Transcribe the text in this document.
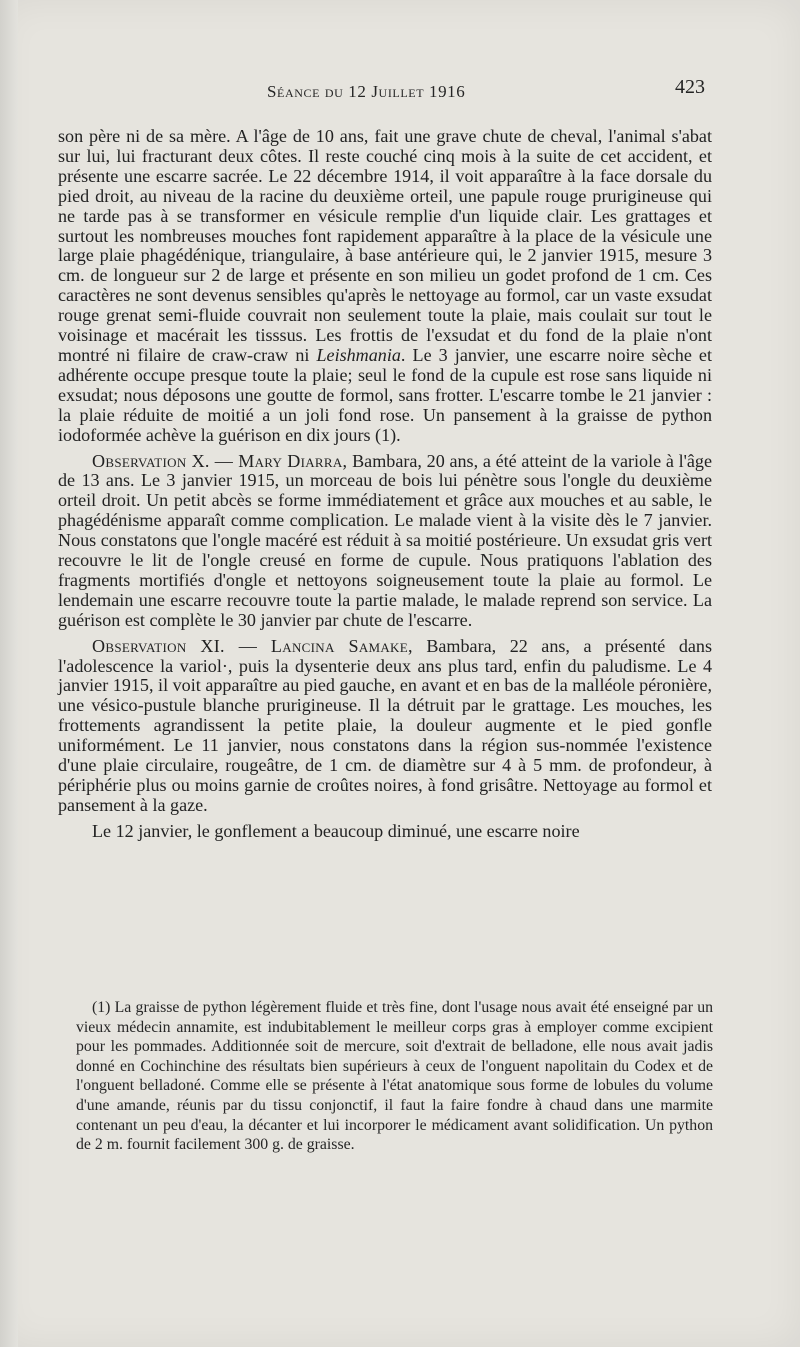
Séance du 12 Juillet 1916	423

son père ni de sa mère. A l'âge de 10 ans, fait une grave chute de cheval, l'animal s'abat sur lui, lui fracturant deux côtes. Il reste couché cinq mois à la suite de cet accident, et présente une escarre sacrée. Le 22 décembre 1914, il voit apparaître à la face dorsale du pied droit, au niveau de la racine du deuxième orteil, une papule rouge prurigineuse qui ne tarde pas à se transformer en vésicule remplie d'un liquide clair. Les grattages et surtout les nombreuses mouches font rapidement apparaître à la place de la vésicule une large plaie phagédénique, triangulaire, à base antérieure qui, le 2 janvier 1915, mesure 3 cm. de longueur sur 2 de large et présente en son milieu un godet profond de 1 cm. Ces caractères ne sont devenus sensibles qu'après le nettoyage au formol, car un vaste exsudat rouge grenat semi-fluide couvrait non seulement toute la plaie, mais coulait sur tout le voisinage et macérait les tisssus. Les frottis de l'exsudat et du fond de la plaie n'ont montré ni filaire de craw-craw ni Leishmania. Le 3 janvier, une escarre noire sèche et adhérente occupe presque toute la plaie; seul le fond de la cupule est rose sans liquide ni exsudat; nous déposons une goutte de formol, sans frotter. L'escarre tombe le 21 janvier : la plaie réduite de moitié a un joli fond rose. Un pansement à la graisse de python iodoformée achève la guérison en dix jours (1).

Observation X. — Mary Diarra, Bambara, 20 ans, a été atteint de la variole à l'âge de 13 ans. Le 3 janvier 1915, un morceau de bois lui pénètre sous l'ongle du deuxième orteil droit. Un petit abcès se forme immédiatement et grâce aux mouches et au sable, le phagédénisme apparaît comme complication. Le malade vient à la visite dès le 7 janvier. Nous constatons que l'ongle macéré est réduit à sa moitié postérieure. Un exsudat gris vert recouvre le lit de l'ongle creusé en forme de cupule. Nous pratiquons l'ablation des fragments mortifiés d'ongle et nettoyons soigneusement toute la plaie au formol. Le lendemain une escarre recouvre toute la partie malade, le malade reprend son service. La guérison est complète le 30 janvier par chute de l'escarre.

Observation XI. — Lancina Samake, Bambara, 22 ans, a présenté dans l'adolescence la variol·, puis la dysenterie deux ans plus tard, enfin du paludisme. Le 4 janvier 1915, il voit apparaître au pied gauche, en avant et en bas de la malléole péronière, une vésico-pustule blanche prurigineuse. Il la détruit par le grattage. Les mouches, les frottements agrandissent la petite plaie, la douleur augmente et le pied gonfle uniformément. Le 11 janvier, nous constatons dans la région sus-nommée l'existence d'une plaie circulaire, rougeâtre, de 1 cm. de diamètre sur 4 à 5 mm. de profondeur, à périphérie plus ou moins garnie de croûtes noires, à fond grisâtre. Nettoyage au formol et pansement à la gaze.

Le 12 janvier, le gonflement a beaucoup diminué, une escarre noire

(1) La graisse de python légèrement fluide et très fine, dont l'usage nous avait été enseigné par un vieux médecin annamite, est indubitablement le meilleur corps gras à employer comme excipient pour les pommades. Additionnée soit de mercure, soit d'extrait de belladone, elle nous avait jadis donné en Cochinchine des résultats bien supérieurs à ceux de l'onguent napolitain du Codex et de l'onguent belladoné. Comme elle se présente à l'état anatomique sous forme de lobules du volume d'une amande, réunis par du tissu conjonctif, il faut la faire fondre à chaud dans une marmite contenant un peu d'eau, la décanter et lui incorporer le médicament avant solidification. Un python de 2 m. fournit facilement 300 g. de graisse.
